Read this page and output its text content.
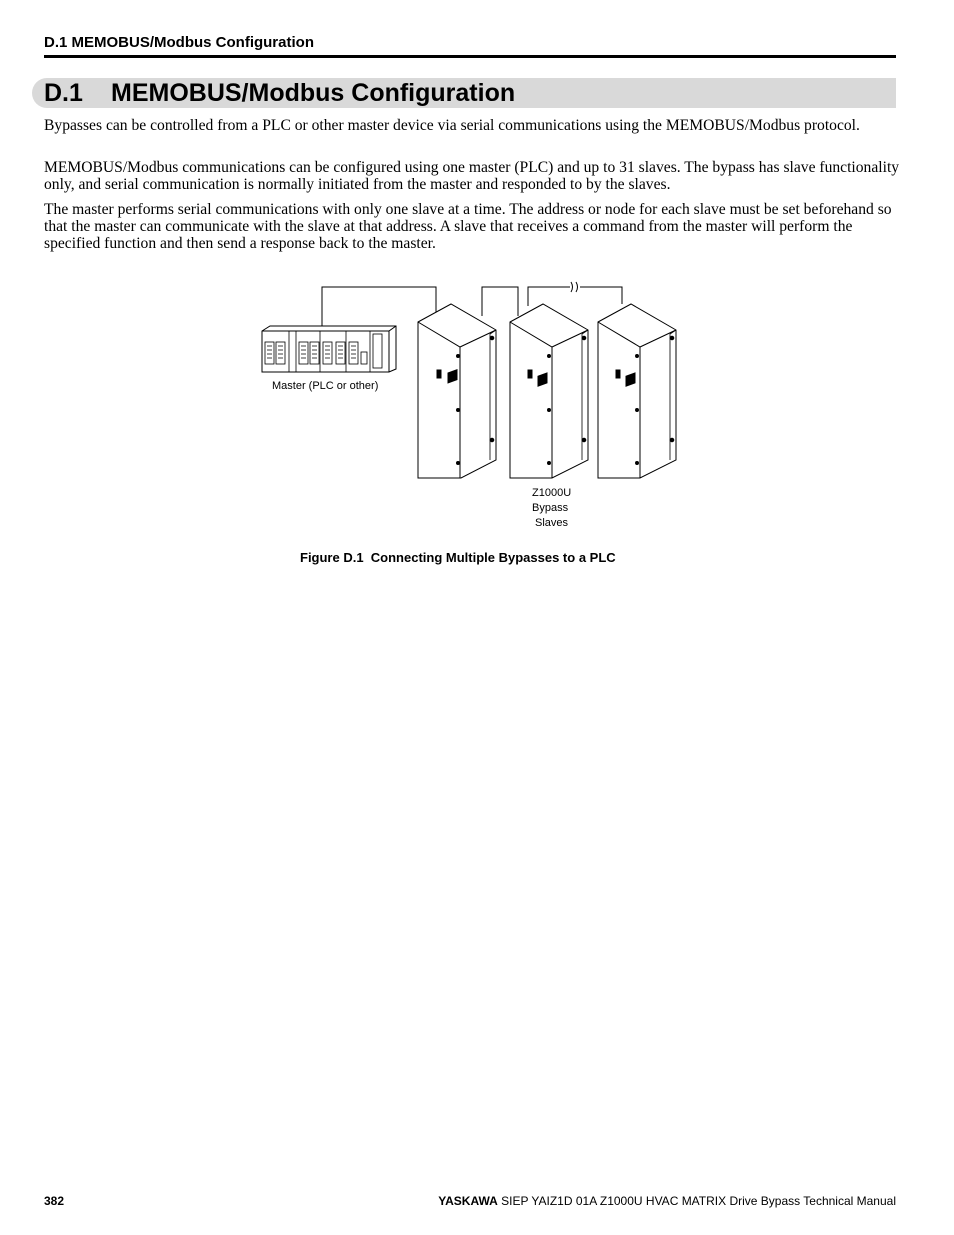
D.1 MEMOBUS/Modbus Configuration
D.1 MEMOBUS/Modbus Configuration

Bypasses can be controlled from a PLC or other master device via serial communications using the MEMOBUS/Modbus protocol.

MEMOBUS/Modbus communications can be configured using one master (PLC) and up to 31 slaves. The bypass has slave functionality only, and serial communication is normally initiated from the master and responded to by the slaves.

The master performs serial communications with only one slave at a time. The address or node for each slave must be set beforehand so that the master can communicate with the slave at that address. A slave that receives a command from the master will perform the specified function and then send a response back to the master.

Master (PLC or other)
Z1000U
Bypass
Slaves
Figure D.1  Connecting Multiple Bypasses to a PLC
382	YASKAWA SIEP YAIZ1D 01A Z1000U HVAC MATRIX Drive Bypass Technical Manual
